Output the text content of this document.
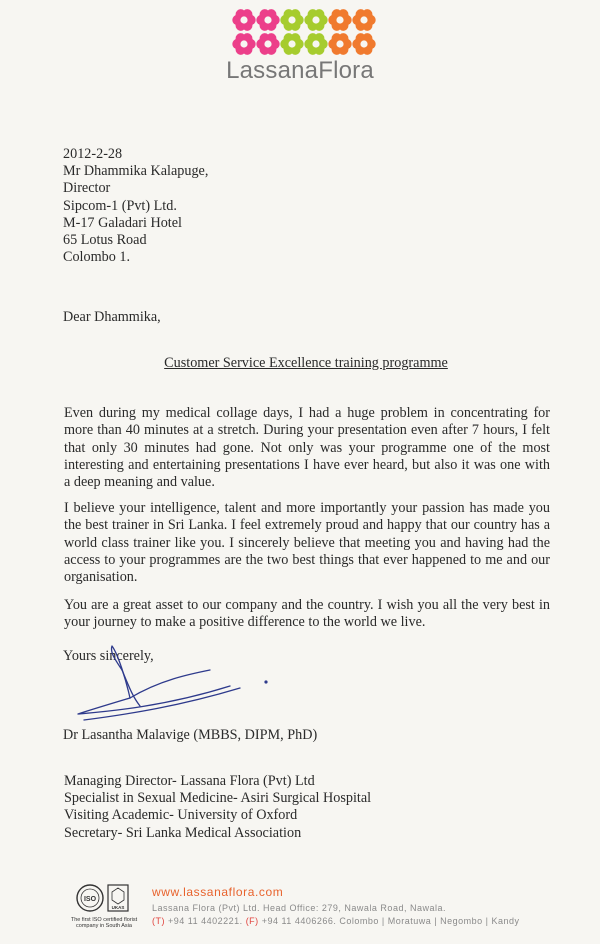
LassanaFlora
2012-2-28
Mr Dhammika Kalapuge,
Director
Sipcom-1 (Pvt) Ltd.
M-17 Galadari Hotel
65 Lotus Road
Colombo 1.
Dear Dhammika,
Customer Service Excellence training programme
Even during my medical collage days, I had a huge problem in concentrating for more than 40 minutes at a stretch. During your presentation even after 7 hours, I felt that only 30 minutes had gone. Not only was your programme one of the most interesting and entertaining presentations I have ever heard, but also it was one with a deep meaning and value.
I believe your intelligence, talent and more importantly your passion has made you the best trainer in Sri Lanka. I feel extremely proud and happy that our country has a world class trainer like you. I sincerely believe that meeting you and having had the access to your programmes are the two best things that ever happened to me and our organisation.
You are a great asset to our company and the country. I wish you all the very best in your journey to make a positive difference to the world we live.
Yours sincerely,
Dr Lasantha Malavige (MBBS, DIPM, PhD)
Managing Director- Lassana Flora (Pvt) Ltd
Specialist in Sexual Medicine- Asiri Surgical Hospital
Visiting Academic- University of Oxford
Secretary- Sri Lanka Medical Association
ISO
UKAS
The first ISO certified florist company in South Asia
www.lassanaflora.com
Lassana Flora (Pvt) Ltd. Head Office: 279, Nawala Road, Nawala.
(T) +94 11 4402221. (F) +94 11 4406266. Colombo | Moratuwa | Negombo | Kandy
